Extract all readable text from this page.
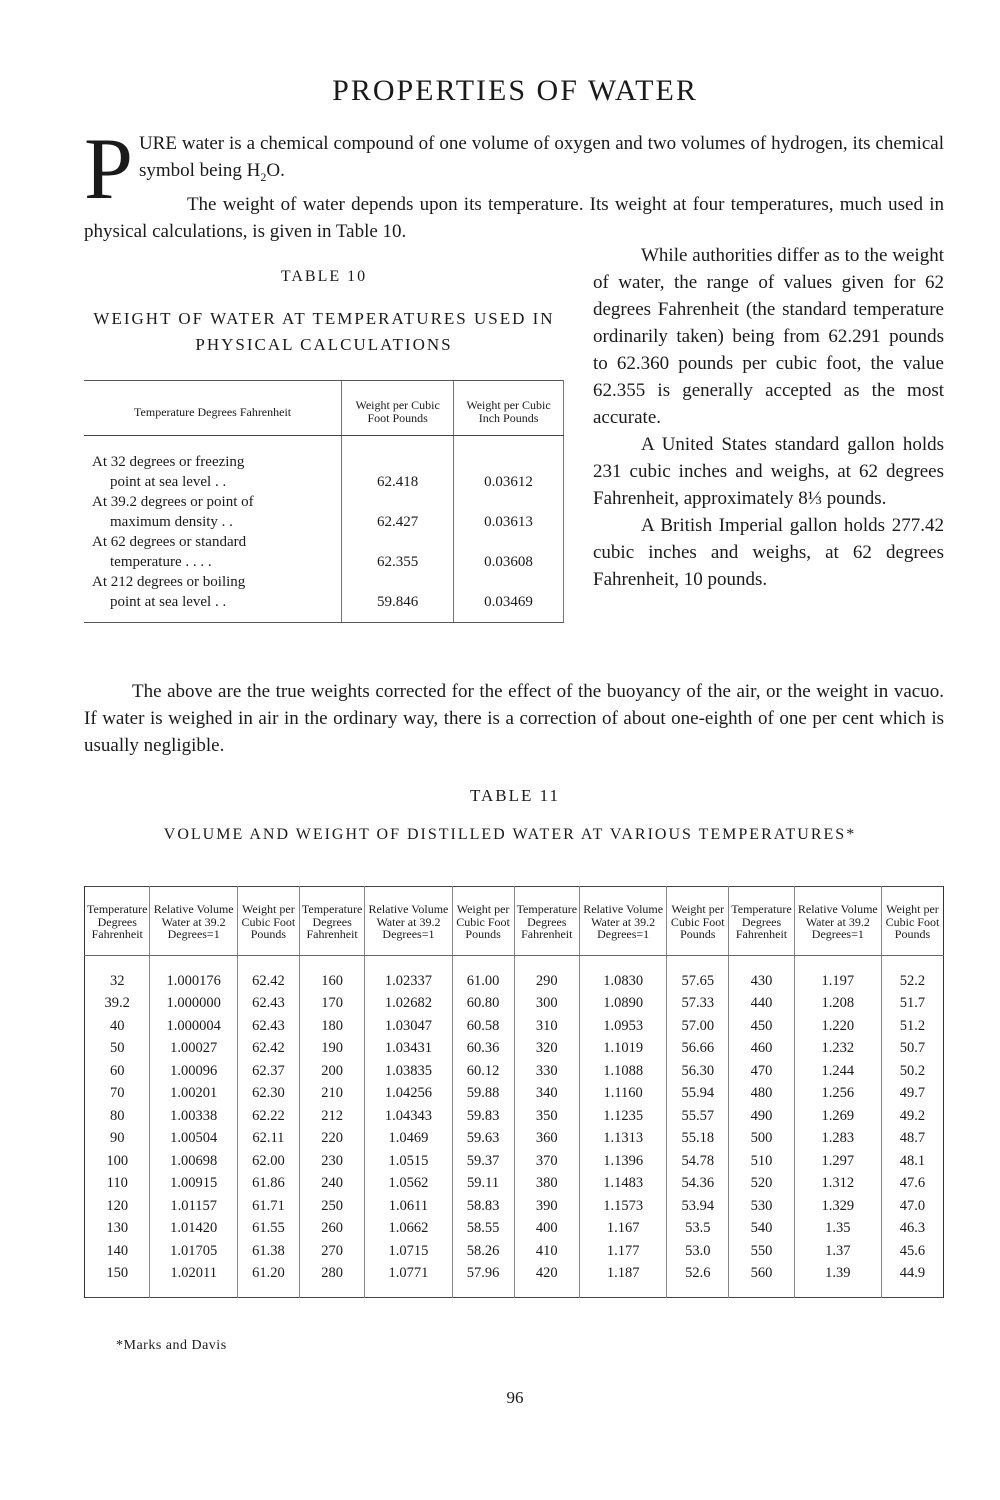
PROPERTIES OF WATER
P URE water is a chemical compound of one volume of oxygen and two volumes of hydrogen, its chemical symbol being $H_2O$.
The weight of water depends upon its temperature. Its weight at four temperatures, much used in physical calculations, is given in Table 10.
TABLE 10
WEIGHT OF WATER AT TEMPERATURES USED IN PHYSICAL CALCULATIONS
Temperature Degrees Fahrenheit	Weight per Cubic Foot Pounds	Weight per Cubic Inch Pounds
At 32 degrees or freezing
point at sea level . .	62.418	0.03612
At 39.2 degrees or point of
maximum density . .	62.427	0.03613
At 62 degrees or standard
temperature . . . .	62.355	0.03608
At 212 degrees or boiling
point at sea level . .	59.846	0.03469

While authorities differ as to the weight of water, the range of values given for 62 degrees Fahrenheit (the standard temperature ordinarily taken) being from 62.291 pounds to 62.360 pounds per cubic foot, the value 62.355 is generally accepted as the most accurate.

A United States standard gallon holds 231 cubic inches and weighs, at 62 degrees Fahrenheit, approximately 8⅓ pounds.

A British Imperial gallon holds 277.42 cubic inches and weighs, at 62 degrees Fahrenheit, 10 pounds.

The above are the true weights corrected for the effect of the buoyancy of the air, or the weight in vacuo. If water is weighed in air in the ordinary way, there is a correction of about one-eighth of one per cent which is usually negligible.

TABLE 11
VOLUME AND WEIGHT OF DISTILLED WATER AT VARIOUS TEMPERATURES*
Temperature Degrees Fahrenheit	Relative Volume Water at 39.2 Degrees=1	Weight per Cubic Foot Pounds	Temperature Degrees Fahrenheit	Relative Volume Water at 39.2 Degrees=1	Weight per Cubic Foot Pounds	Temperature Degrees Fahrenheit	Relative Volume Water at 39.2 Degrees=1	Weight per Cubic Foot Pounds	Temperature Degrees Fahrenheit	Relative Volume Water at 39.2 Degrees=1	Weight per Cubic Foot Pounds
32	1.000176	62.42	160	1.02337	61.00	290	1.0830	57.65	430	1.197	52.2
39.2	1.000000	62.43	170	1.02682	60.80	300	1.0890	57.33	440	1.208	51.7
40	1.000004	62.43	180	1.03047	60.58	310	1.0953	57.00	450	1.220	51.2
50	1.00027	62.42	190	1.03431	60.36	320	1.1019	56.66	460	1.232	50.7
60	1.00096	62.37	200	1.03835	60.12	330	1.1088	56.30	470	1.244	50.2
70	1.00201	62.30	210	1.04256	59.88	340	1.1160	55.94	480	1.256	49.7
80	1.00338	62.22	212	1.04343	59.83	350	1.1235	55.57	490	1.269	49.2
90	1.00504	62.11	220	1.0469	59.63	360	1.1313	55.18	500	1.283	48.7
100	1.00698	62.00	230	1.0515	59.37	370	1.1396	54.78	510	1.297	48.1
110	1.00915	61.86	240	1.0562	59.11	380	1.1483	54.36	520	1.312	47.6
120	1.01157	61.71	250	1.0611	58.83	390	1.1573	53.94	530	1.329	47.0
130	1.01420	61.55	260	1.0662	58.55	400	1.167	53.5	540	1.35	46.3
140	1.01705	61.38	270	1.0715	58.26	410	1.177	53.0	550	1.37	45.6
150	1.02011	61.20	280	1.0771	57.96	420	1.187	52.6	560	1.39	44.9
*Marks and Davis
96
